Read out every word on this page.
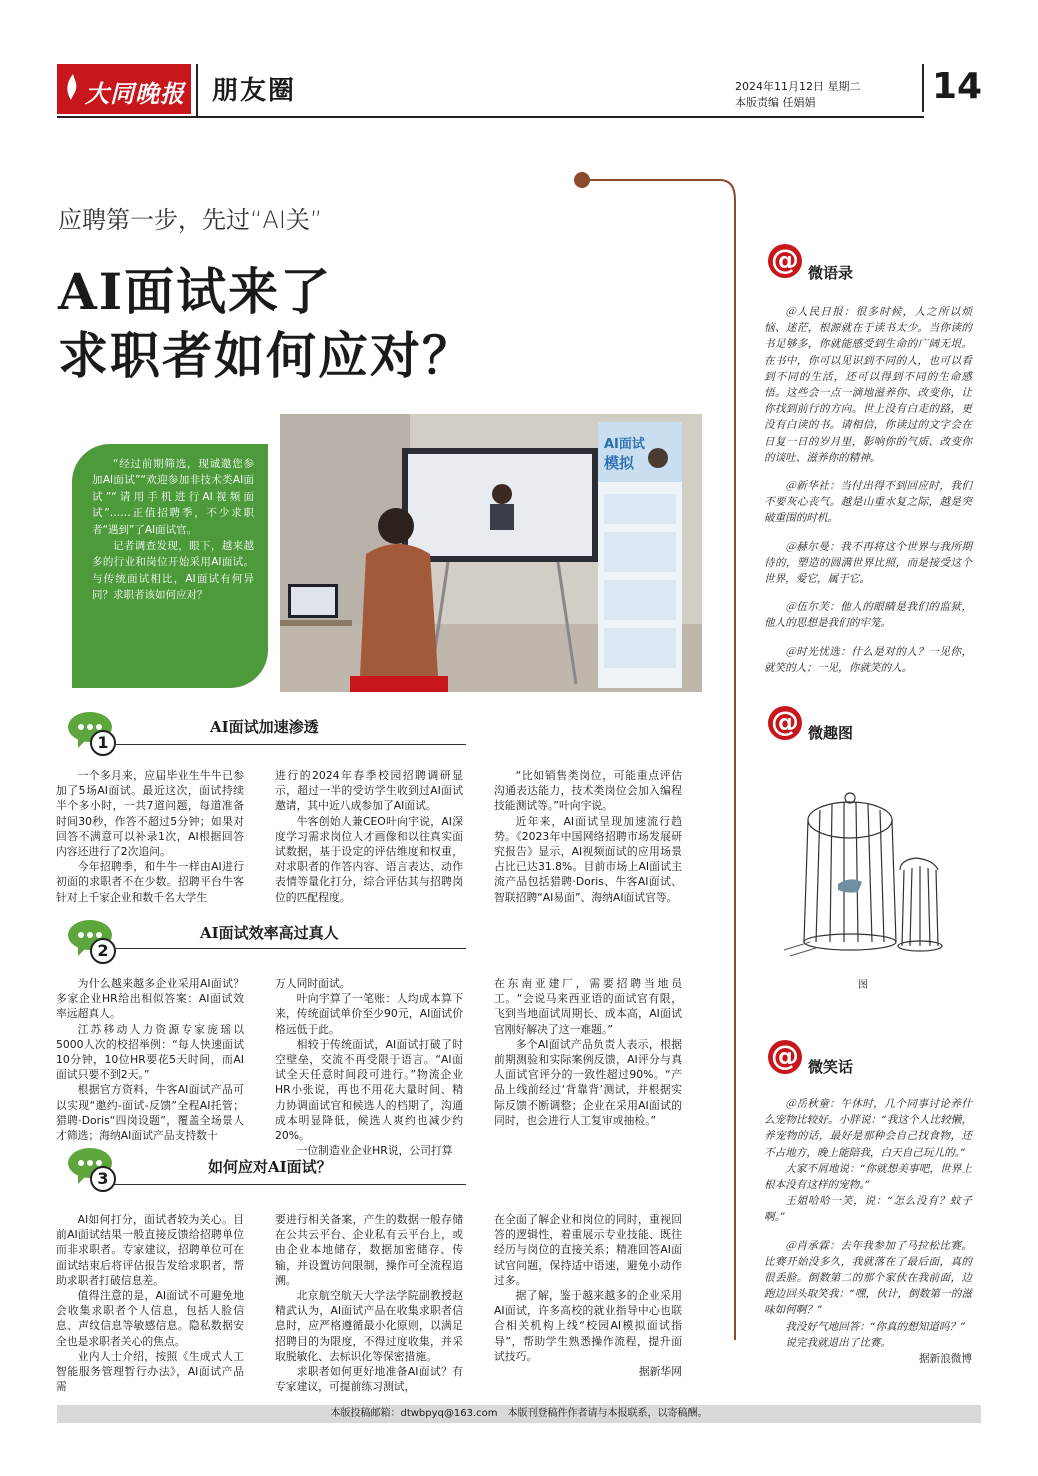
大同晚报 朋友圈	2024年11月12日 星期二
本版责编 任娟娟	14
应聘第一步，先过“AI关”
AI面试来了
求职者如何应对？

“经过前期筛选，现诚邀您参加AI面试”“欢迎参加非技术类AI面试”“请用手机进行AI视频面试”……正值招聘季，不少求职者“遇到”了AI面试官。

记者调查发现，眼下，越来越多的行业和岗位开始采用AI面试。与传统面试相比，AI面试有何异同？求职者该如何应对？

AI面试
模拟
1
AI面试加速渗透

一个多月来，应届毕业生牛牛已参加了5场AI面试。最近这次，面试持续半个多小时，一共7道问题，每道准备时间30秒，作答不超过5分钟；如果对回答不满意可以补录1次，AI根据回答内容还进行了2次追问。

今年招聘季，和牛牛一样由AI进行初面的求职者不在少数。招聘平台牛客针对上千家企业和数千名大学生

进行的2024年春季校园招聘调研显示，超过一半的受访学生收到过AI面试邀请，其中近八成参加了AI面试。

牛客创始人兼CEO叶向宇说，AI深度学习需求岗位人才画像和以往真实面试数据，基于设定的评估维度和权重，对求职者的作答内容、语言表达、动作表情等量化打分，综合评估其与招聘岗位的匹配程度。

“比如销售类岗位，可能重点评估沟通表达能力，技术类岗位会加入编程技能测试等。”叶向宇说。

近年来，AI面试呈现加速流行趋势。《2023年中国网络招聘市场发展研究报告》显示，AI视频面试的应用场景占比已达31.8%。目前市场上AI面试主流产品包括猎聘·Doris、牛客AI面试、智联招聘“AI易面”、海纳AI面试官等。

2
AI面试效率高过真人

为什么越来越多企业采用AI面试？多家企业HR给出相似答案：AI面试效率远超真人。

江苏移动人力资源专家庞瑶以5000人次的校招举例：“每人快速面试10分钟，10位HR要花5天时间，而AI面试只要不到2天。”

根据官方资料，牛客AI面试产品可以实现“邀约-面试-反馈”全程AI托管；猎聘·Doris“四岗设题”，覆盖全场景人才筛选；海纳AI面试产品支持数十

万人同时面试。

叶向宇算了一笔账：人均成本算下来，传统面试单价至少90元，AI面试价格远低于此。

相较于传统面试，AI面试打破了时空壁垒，交流不再受限于语言。“AI面试全天任意时间段可进行。”物流企业HR小张说，再也不用花大量时间、精力协调面试官和候选人的档期了，沟通成本明显降低，候选人爽约也减少约20%。

一位制造业企业HR说，公司打算

在东南亚建厂，需要招聘当地员工。“会说马来西亚语的面试官有限，飞到当地面试周期长、成本高，AI面试官刚好解决了这一难题。”

多个AI面试产品负责人表示，根据前期测验和实际案例反馈，AI评分与真人面试官评分的一致性超过90%。“产品上线前经过‘背靠背’测试，并根据实际反馈不断调整；企业在采用AI面试的同时，也会进行人工复审或抽检。”

3
如何应对AI面试？

AI如何打分，面试者较为关心。目前AI面试结果一般直接反馈给招聘单位而非求职者。专家建议，招聘单位可在面试结束后将评估报告发给求职者，帮助求职者打破信息差。

值得注意的是，AI面试不可避免地会收集求职者个人信息，包括人脸信息、声纹信息等敏感信息。隐私数据安全也是求职者关心的焦点。

业内人士介绍，按照《生成式人工智能服务管理暂行办法》，AI面试产品需

要进行相关备案，产生的数据一般存储在公共云平台、企业私有云平台上，或由企业本地储存，数据加密储存、传输，并设置访问限制，操作可全流程追溯。

北京航空航天大学法学院副教授赵精武认为，AI面试产品在收集求职者信息时，应严格遵循最小化原则，以满足招聘目的为限度，不得过度收集，并采取脱敏化、去标识化等保密措施。

求职者如何更好地准备AI面试？有专家建议，可提前练习测试，

在全面了解企业和岗位的同时，重视回答的逻辑性，着重展示专业技能、既往经历与岗位的直接关系；精准回答AI面试官问题，保持适中语速，避免小动作过多。

据了解，鉴于越来越多的企业采用AI面试，许多高校的就业指导中心也联合相关机构上线“校园AI模拟面试指导”，帮助学生熟悉操作流程，提升面试技巧。

据新华网

@ 微语录

＠人民日报：很多时候，人之所以烦恼、迷茫，根源就在于读书太少。当你读的书足够多，你就能感受到生命的广阔无垠。在书中，你可以见识到不同的人，也可以看到不同的生活，还可以得到不同的生命感悟。这些会一点一滴地滋养你、改变你，让你找到前行的方向。世上没有白走的路，更没有白读的书。请相信，你读过的文字会在日复一日的岁月里，影响你的气质、改变你的谈吐、滋养你的精神。

＠新华社：当付出得不到回应时，我们不要灰心丧气。越是山重水复之际，越是突破重围的时机。

＠赫尔曼：我不再将这个世界与我所期待的，塑造的圆满世界比照，而是接受这个世界，爱它，属于它。

＠伍尔芙：他人的眼睛是我们的监狱，他人的思想是我们的牢笼。

＠时光忧选：什么是对的人？一见你，就笑的人；一见，你就笑的人。

@ 微趣图
图
@ 微笑话

＠岳秋童：午休时，几个同事讨论养什么宠物比较好。小胖说：“我这个人比较懒，养宠物的话，最好是那种会自己找食物，还不占地方，晚上能陪我，白天自己玩儿的。”

大家不屑地说：“你就想美事吧，世界上根本没有这样的宠物。”

王姐哈哈一笑，说：“怎么没有？蚊子啊。”

＠肖承霖：去年我参加了马拉松比赛。比赛开始没多久，我就落在了最后面，真的很丢脸。倒数第二的那个家伙在我前面，边跑边回头取笑我：“嘿，伙计，倒数第一的滋味如何啊？”

我没好气地回答：“你真的想知道吗？”

说完我就退出了比赛。

据新浪微博

本版投稿邮箱：dtwbpyq@163.com　本版刊登稿件作者请与本报联系，以寄稿酬。
